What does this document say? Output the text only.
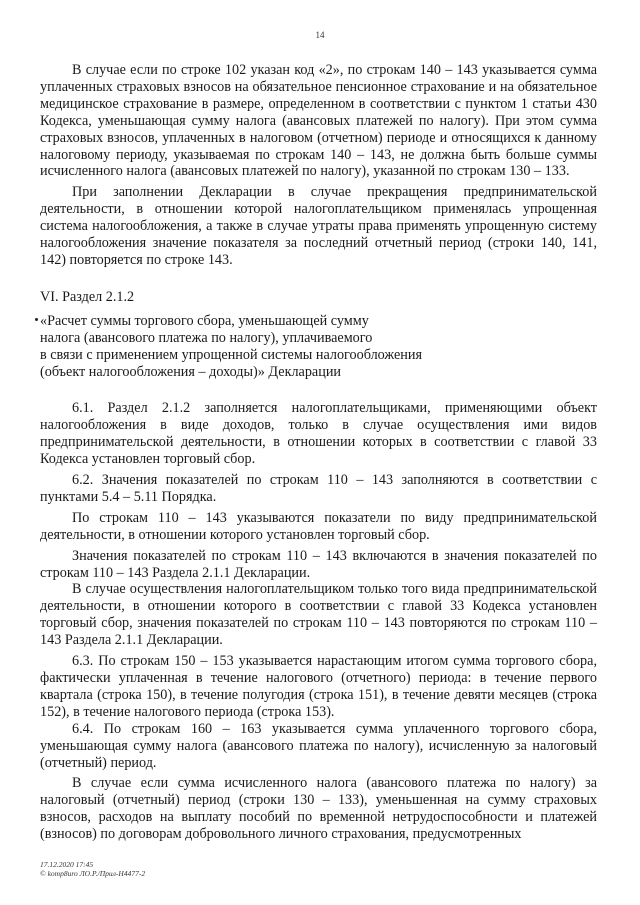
14

В случае если по строке 102 указан код «2», по строкам 140 – 143 указывается сумма уплаченных страховых взносов на обязательное пенсионное страхование и на обязательное медицинское страхование в размере, определенном в соответствии с пунктом 1 статьи 430 Кодекса, уменьшающая сумму налога (авансовых платежей по налогу). При этом сумма страховых взносов, уплаченных в налоговом (отчетном) периоде и относящихся к данному налоговому периоду, указываемая по строкам 140 – 143, не должна быть больше суммы исчисленного налога (авансовых платежей по налогу), указанной по строкам 130 – 133.

При заполнении Декларации в случае прекращения предпринимательской деятельности, в отношении которой налогоплательщиком применялась упрощенная система налогообложения, а также в случае утраты права применять упрощенную систему налогообложения значение показателя за последний отчетный период (строки 140, 141, 142) повторяется по строке 143.

VI. Раздел 2.1.2

«Расчет суммы торгового сбора, уменьшающей сумму

налога (авансового платежа по налогу), уплачиваемого

в связи с применением упрощенной системы налогообложения

(объект налогообложения – доходы)» Декларации

6.1. Раздел 2.1.2 заполняется налогоплательщиками, применяющими объект налогообложения в виде доходов, только в случае осуществления ими видов предпринимательской деятельности, в отношении которых в соответствии с главой 33 Кодекса установлен торговый сбор.

6.2. Значения показателей по строкам 110 – 143 заполняются в соответствии с пунктами 5.4 – 5.11 Порядка.

По строкам 110 – 143 указываются показатели по виду предпринимательской деятельности, в отношении которого установлен торговый сбор.

Значения показателей по строкам 110 – 143 включаются в значения показателей по строкам 110 – 143 Раздела 2.1.1 Декларации.

В случае осуществления налогоплательщиком только того вида предпринимательской деятельности, в отношении которого в соответствии с главой 33 Кодекса установлен торговый сбор, значения показателей по строкам 110 – 143 повторяются по строкам 110 – 143 Раздела 2.1.1 Декларации.

6.3. По строкам 150 – 153 указывается нарастающим итогом сумма торгового сбора, фактически уплаченная в течение налогового (отчетного) периода: в течение первого квартала (строка 150), в течение полугодия (строка 151), в течение девяти месяцев (строка 152), в течение налогового периода (строка 153).

6.4. По строкам 160 – 163 указывается сумма уплаченного торгового сбора, уменьшающая сумму налога (авансового платежа по налогу), исчисленную за налоговый (отчетный) период.

В случае если сумма исчисленного налога (авансового платежа по налогу) за налоговый (отчетный) период (строки 130 – 133), уменьшенная на сумму страховых взносов, расходов на выплату пособий по временной нетрудоспособности и платежей (взносов) по договорам добровольного личного страхования, предусмотренных

17.12.2020 17:45
© komp8uro ЛО.Р./Прил-Н4477-2
